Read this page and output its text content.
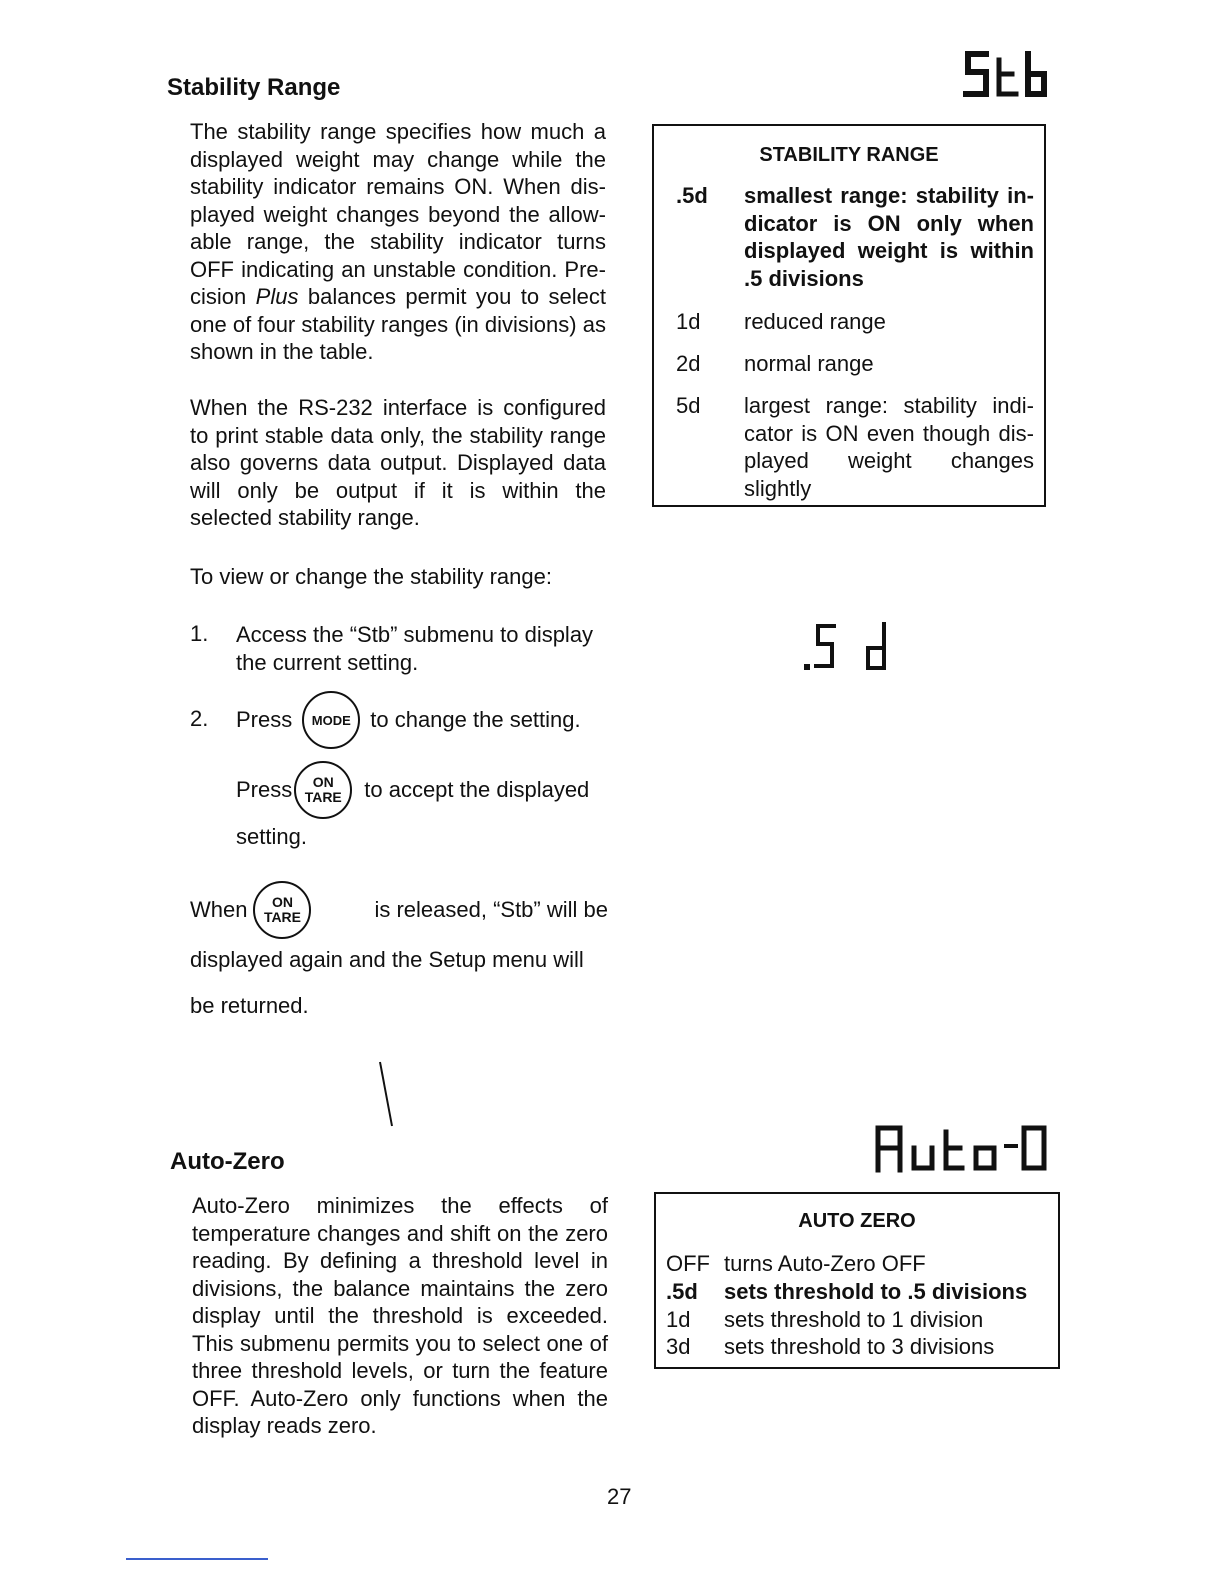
Stability Range
The stability range specifies how much a displayed weight may change while the stability indicator remains ON. When dis- played weight changes beyond the allow- able range, the stability indicator turns OFF indicating an unstable condition. Pre- cision Plus balances permit you to select one of four stability ranges (in divisions) as shown in the table.
When the RS-232 interface is configured to print stable data only, the stability range also governs data output. Displayed data will only be output if it is within the selected stability range.
To view or change the stability range:
1. Access the “Stb” submenu to display the current setting.
2. Press	MODE to change the setting.
Press ON
TARE to accept the displayed
setting.
When ON
TARE	is released, “Stb” will be
displayed again and the Setup menu will
be returned.
STABILITY RANGE
.5d smallest range: stability in- dicator is ON only when displayed weight is within .5 divisions
1d reduced range
2d normal range
5d largest range: stability indi- cator is ON even though dis- played weight changes slightly
Auto-Zero
Auto-Zero minimizes the effects of temperature changes and shift on the zero reading. By defining a threshold level in divisions, the balance maintains the zero display until the threshold is exceeded. This submenu permits you to select one of three threshold levels, or turn the feature OFF. Auto-Zero only functions when the display reads zero.
AUTO ZERO
OFF turns Auto-Zero OFF
.5d sets threshold to .5 divisions
1d sets threshold to 1 division
3d sets threshold to 3 divisions
27
